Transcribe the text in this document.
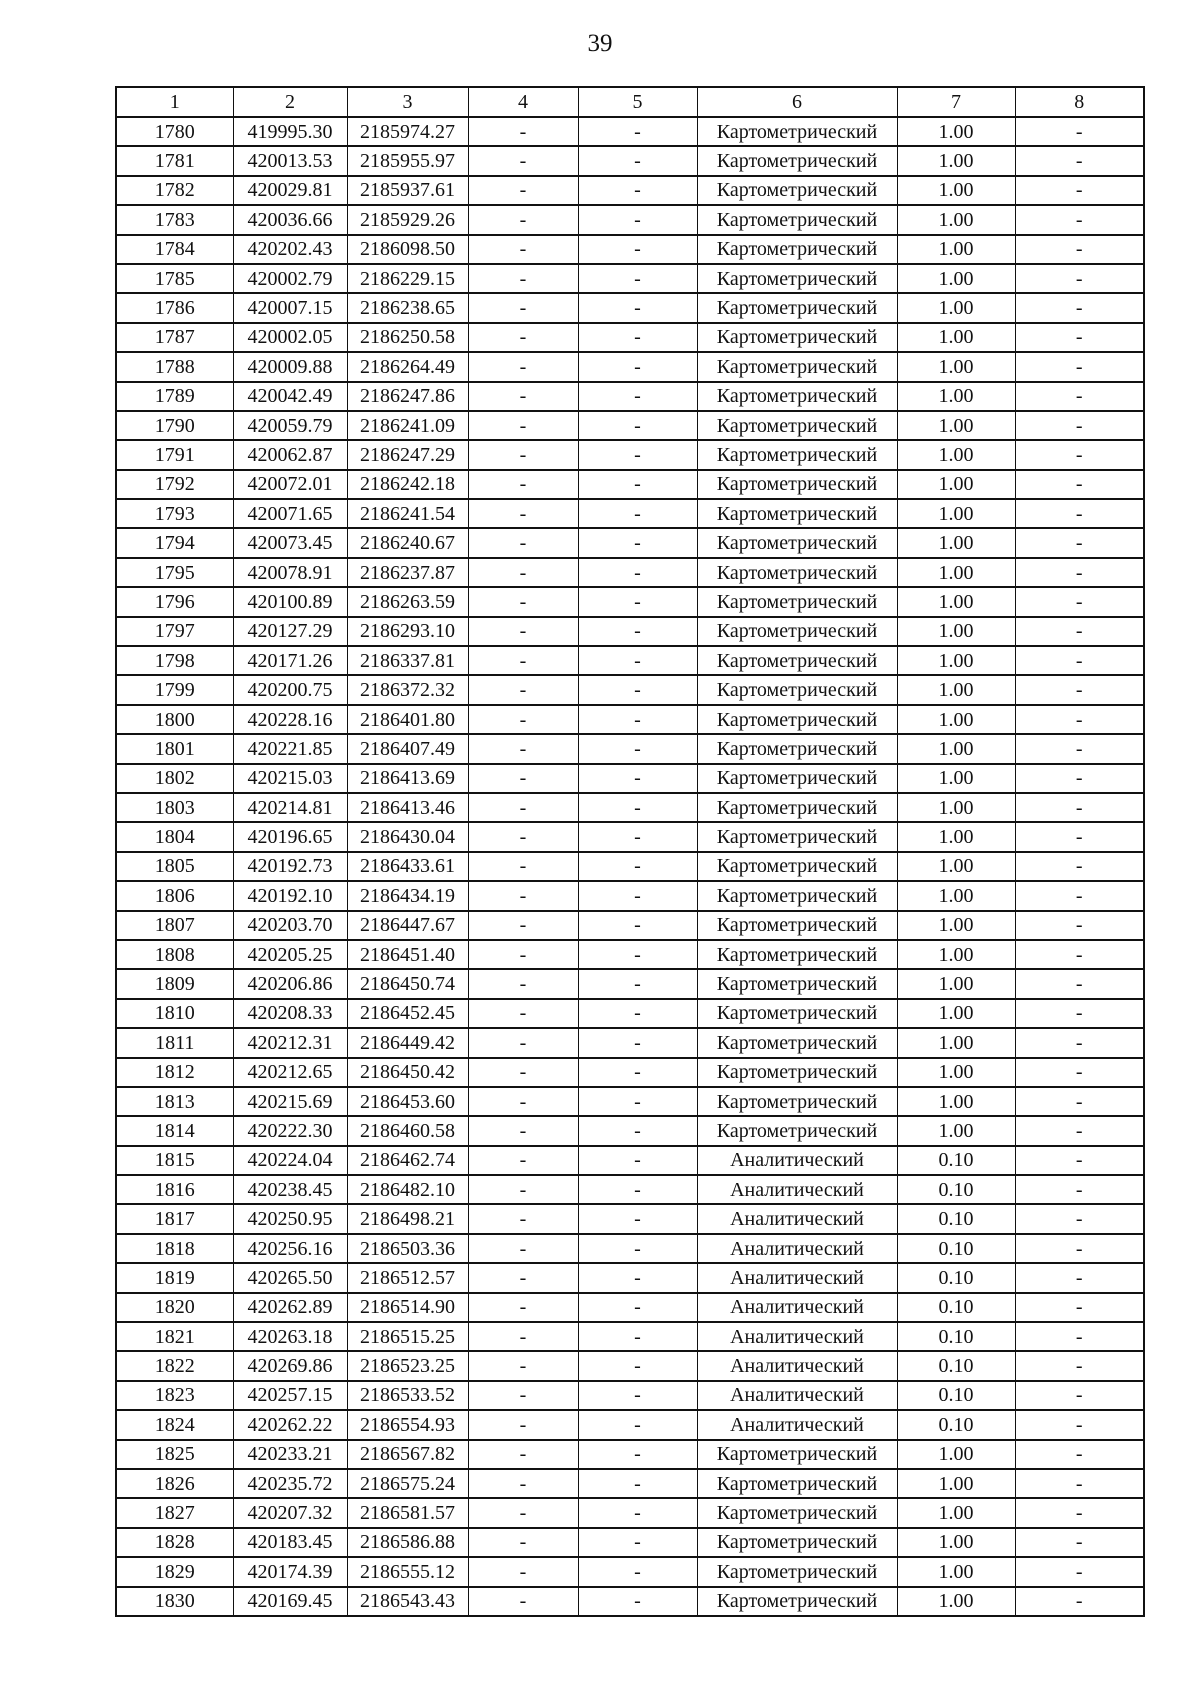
39
1	2	3	4	5	6	7	8
1780	419995.30	2185974.27	-	-	Картометрический	1.00	-
1781	420013.53	2185955.97	-	-	Картометрический	1.00	-
1782	420029.81	2185937.61	-	-	Картометрический	1.00	-
1783	420036.66	2185929.26	-	-	Картометрический	1.00	-
1784	420202.43	2186098.50	-	-	Картометрический	1.00	-
1785	420002.79	2186229.15	-	-	Картометрический	1.00	-
1786	420007.15	2186238.65	-	-	Картометрический	1.00	-
1787	420002.05	2186250.58	-	-	Картометрический	1.00	-
1788	420009.88	2186264.49	-	-	Картометрический	1.00	-
1789	420042.49	2186247.86	-	-	Картометрический	1.00	-
1790	420059.79	2186241.09	-	-	Картометрический	1.00	-
1791	420062.87	2186247.29	-	-	Картометрический	1.00	-
1792	420072.01	2186242.18	-	-	Картометрический	1.00	-
1793	420071.65	2186241.54	-	-	Картометрический	1.00	-
1794	420073.45	2186240.67	-	-	Картометрический	1.00	-
1795	420078.91	2186237.87	-	-	Картометрический	1.00	-
1796	420100.89	2186263.59	-	-	Картометрический	1.00	-
1797	420127.29	2186293.10	-	-	Картометрический	1.00	-
1798	420171.26	2186337.81	-	-	Картометрический	1.00	-
1799	420200.75	2186372.32	-	-	Картометрический	1.00	-
1800	420228.16	2186401.80	-	-	Картометрический	1.00	-
1801	420221.85	2186407.49	-	-	Картометрический	1.00	-
1802	420215.03	2186413.69	-	-	Картометрический	1.00	-
1803	420214.81	2186413.46	-	-	Картометрический	1.00	-
1804	420196.65	2186430.04	-	-	Картометрический	1.00	-
1805	420192.73	2186433.61	-	-	Картометрический	1.00	-
1806	420192.10	2186434.19	-	-	Картометрический	1.00	-
1807	420203.70	2186447.67	-	-	Картометрический	1.00	-
1808	420205.25	2186451.40	-	-	Картометрический	1.00	-
1809	420206.86	2186450.74	-	-	Картометрический	1.00	-
1810	420208.33	2186452.45	-	-	Картометрический	1.00	-
1811	420212.31	2186449.42	-	-	Картометрический	1.00	-
1812	420212.65	2186450.42	-	-	Картометрический	1.00	-
1813	420215.69	2186453.60	-	-	Картометрический	1.00	-
1814	420222.30	2186460.58	-	-	Картометрический	1.00	-
1815	420224.04	2186462.74	-	-	Аналитический	0.10	-
1816	420238.45	2186482.10	-	-	Аналитический	0.10	-
1817	420250.95	2186498.21	-	-	Аналитический	0.10	-
1818	420256.16	2186503.36	-	-	Аналитический	0.10	-
1819	420265.50	2186512.57	-	-	Аналитический	0.10	-
1820	420262.89	2186514.90	-	-	Аналитический	0.10	-
1821	420263.18	2186515.25	-	-	Аналитический	0.10	-
1822	420269.86	2186523.25	-	-	Аналитический	0.10	-
1823	420257.15	2186533.52	-	-	Аналитический	0.10	-
1824	420262.22	2186554.93	-	-	Аналитический	0.10	-
1825	420233.21	2186567.82	-	-	Картометрический	1.00	-
1826	420235.72	2186575.24	-	-	Картометрический	1.00	-
1827	420207.32	2186581.57	-	-	Картометрический	1.00	-
1828	420183.45	2186586.88	-	-	Картометрический	1.00	-
1829	420174.39	2186555.12	-	-	Картометрический	1.00	-
1830	420169.45	2186543.43	-	-	Картометрический	1.00	-
